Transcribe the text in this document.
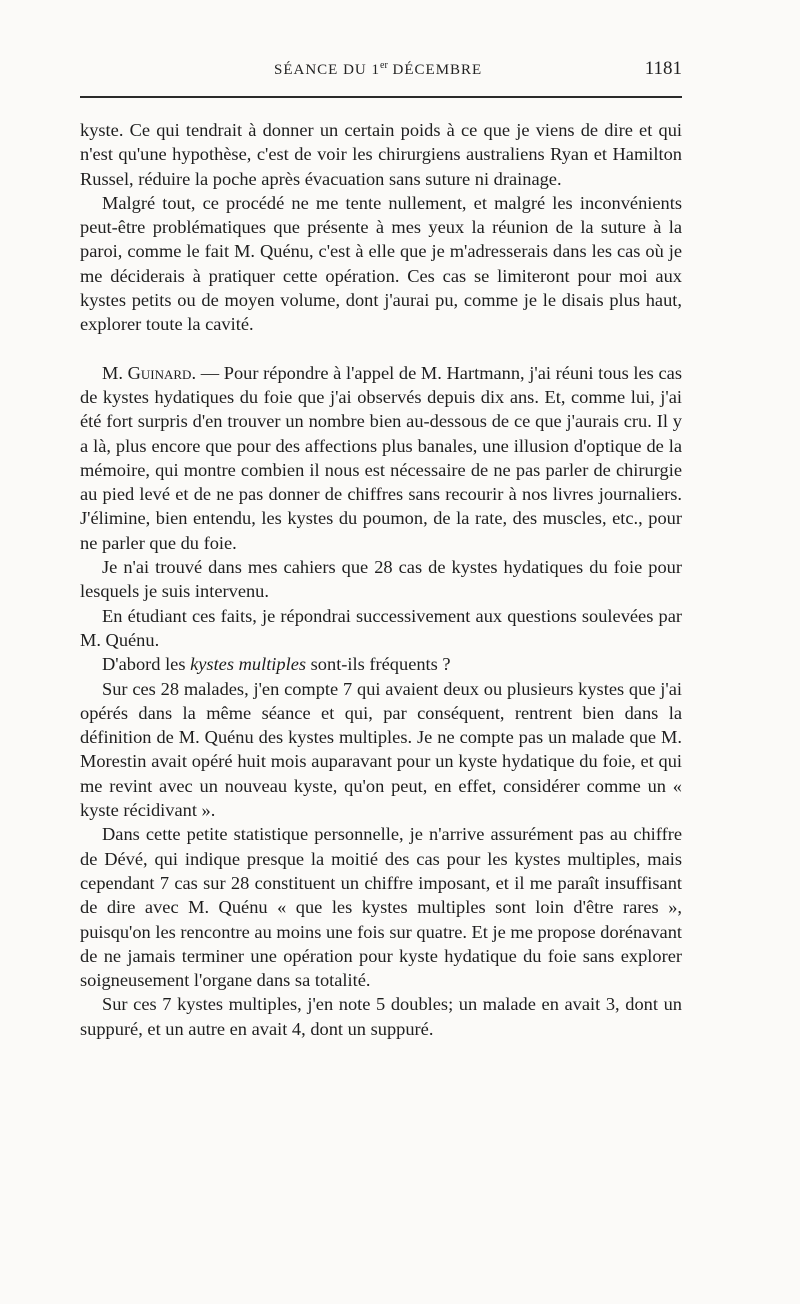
SÉANCE DU 1er DÉCEMBRE	1181

kyste. Ce qui tendrait à donner un certain poids à ce que je viens de dire et qui n'est qu'une hypothèse, c'est de voir les chirurgiens australiens Ryan et Hamilton Russel, réduire la poche après évacuation sans suture ni drainage.

Malgré tout, ce procédé ne me tente nullement, et malgré les inconvénients peut-être problématiques que présente à mes yeux la réunion de la suture à la paroi, comme le fait M. Quénu, c'est à elle que je m'adresserais dans les cas où je me déciderais à pratiquer cette opération. Ces cas se limiteront pour moi aux kystes petits ou de moyen volume, dont j'aurai pu, comme je le disais plus haut, explorer toute la cavité.

M. Guinard. — Pour répondre à l'appel de M. Hartmann, j'ai réuni tous les cas de kystes hydatiques du foie que j'ai observés depuis dix ans. Et, comme lui, j'ai été fort surpris d'en trouver un nombre bien au-dessous de ce que j'aurais cru. Il y a là, plus encore que pour des affections plus banales, une illusion d'optique de la mémoire, qui montre combien il nous est nécessaire de ne pas parler de chirurgie au pied levé et de ne pas donner de chiffres sans recourir à nos livres journaliers. J'élimine, bien entendu, les kystes du poumon, de la rate, des muscles, etc., pour ne parler que du foie.

Je n'ai trouvé dans mes cahiers que 28 cas de kystes hydatiques du foie pour lesquels je suis intervenu.

En étudiant ces faits, je répondrai successivement aux questions soulevées par M. Quénu.

D'abord les kystes multiples sont-ils fréquents ?

Sur ces 28 malades, j'en compte 7 qui avaient deux ou plusieurs kystes que j'ai opérés dans la même séance et qui, par conséquent, rentrent bien dans la définition de M. Quénu des kystes multiples. Je ne compte pas un malade que M. Morestin avait opéré huit mois auparavant pour un kyste hydatique du foie, et qui me revint avec un nouveau kyste, qu'on peut, en effet, considérer comme un « kyste récidivant ».

Dans cette petite statistique personnelle, je n'arrive assurément pas au chiffre de Dévé, qui indique presque la moitié des cas pour les kystes multiples, mais cependant 7 cas sur 28 constituent un chiffre imposant, et il me paraît insuffisant de dire avec M. Quénu « que les kystes multiples sont loin d'être rares », puisqu'on les rencontre au moins une fois sur quatre. Et je me propose dorénavant de ne jamais terminer une opération pour kyste hydatique du foie sans explorer soigneusement l'organe dans sa totalité.

Sur ces 7 kystes multiples, j'en note 5 doubles; un malade en avait 3, dont un suppuré, et un autre en avait 4, dont un suppuré.
